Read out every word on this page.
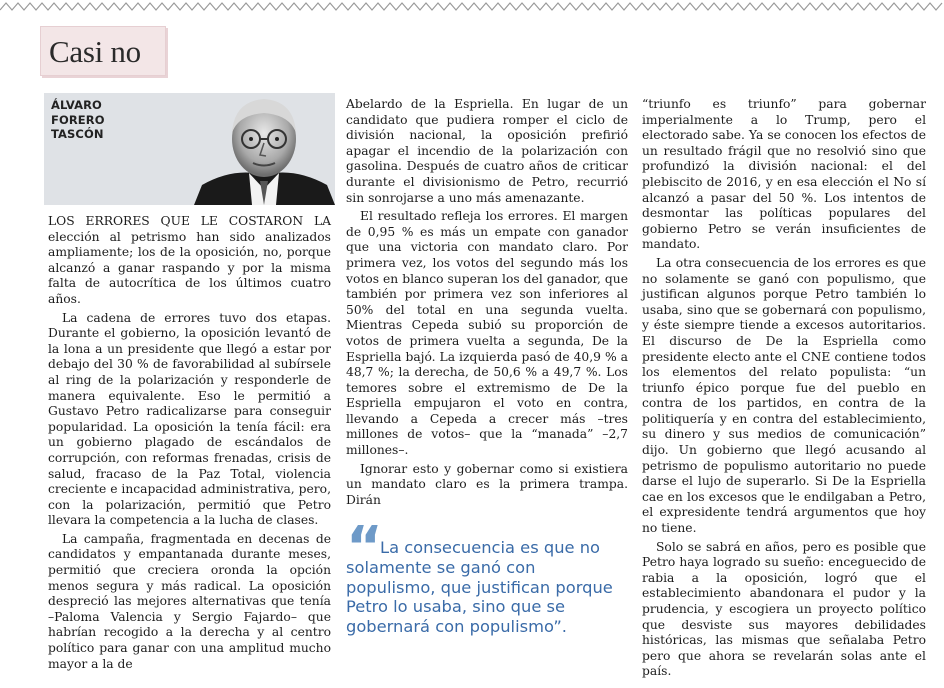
Casi no
ÁLVARO
FORERO
TASCÓN

LOS ERRORES QUE LE COSTARON LA elección al petrismo han sido analizados ampliamente; los de la oposición, no, porque alcanzó a ganar raspando y por la misma falta de autocrítica de los últimos cuatro años.

La cadena de errores tuvo dos etapas. Durante el gobierno, la oposición levantó de la lona a un presidente que llegó a estar por debajo del 30 % de favorabilidad al subírsele al ring de la polarización y responderle de manera equivalente. Eso le permitió a Gustavo Petro radicalizarse para conseguir popularidad. La oposición la tenía fácil: era un gobierno plagado de escándalos de corrupción, con reformas frenadas, crisis de salud, fracaso de la Paz Total, violencia creciente e incapacidad administrativa, pero, con la polarización, permitió que Petro llevara la competencia a la lucha de clases.

La campaña, fragmentada en decenas de candidatos y empantanada durante meses, permitió que creciera oronda la opción menos segura y más radical. La oposición despreció las mejores alternativas que tenía –Paloma Valencia y Sergio Fajardo– que habrían recogido a la derecha y al centro político para ganar con una amplitud mucho mayor a la de

Abelardo de la Espriella. En lugar de un candidato que pudiera romper el ciclo de división nacional, la oposición prefirió apagar el incendio de la polarización con gasolina. Después de cuatro años de criticar durante el divisionismo de Petro, recurrió sin sonrojarse a uno más amenazante.

El resultado refleja los errores. El margen de 0,95 % es más un empate con ganador que una victoria con mandato claro. Por primera vez, los votos del segundo más los votos en blanco superan los del ganador, que también por primera vez son inferiores al 50% del total en una segunda vuelta. Mientras Cepeda subió su proporción de votos de primera vuelta a segunda, De la Espriella bajó. La izquierda pasó de 40,9 % a 48,7 %; la derecha, de 50,6 % a 49,7 %. Los temores sobre el extremismo de De la Espriella empujaron el voto en contra, llevando a Cepeda a crecer más –tres millones de votos– que la “manada” –2,7 millones–.

Ignorar esto y gobernar como si existiera un mandato claro es la primera trampa. Dirán

“
La consecuencia es que no solamente se ganó con populismo, que justifican porque Petro lo usaba, sino que se gobernará con populismo”.

“triunfo es triunfo” para gobernar imperialmente a lo Trump, pero el electorado sabe. Ya se conocen los efectos de un resultado frágil que no resolvió sino que profundizó la división nacional: el del plebiscito de 2016, y en esa elección el No sí alcanzó a pasar del 50 %. Los intentos de desmontar las políticas populares del gobierno Petro se verán insuficientes de mandato.

La otra consecuencia de los errores es que no solamente se ganó con populismo, que justifican algunos porque Petro también lo usaba, sino que se gobernará con populismo, y éste siempre tiende a excesos autoritarios. El discurso de De la Espriella como presidente electo ante el CNE contiene todos los elementos del relato populista: “un triunfo épico porque fue del pueblo en contra de los partidos, en contra de la politiquería y en contra del establecimiento, su dinero y sus medios de comunicación” dijo. Un gobierno que llegó acusando al petrismo de populismo autoritario no puede darse el lujo de superarlo. Si De la Espriella cae en los excesos que le endilgaban a Petro, el expresidente tendrá argumentos que hoy no tiene.

Solo se sabrá en años, pero es posible que Petro haya logrado su sueño: enceguecido de rabia a la oposición, logró que el establecimiento abandonara el pudor y la prudencia, y escogiera un proyecto político que desviste sus mayores debilidades históricas, las mismas que señalaba Petro pero que ahora se revelarán solas ante el país.
